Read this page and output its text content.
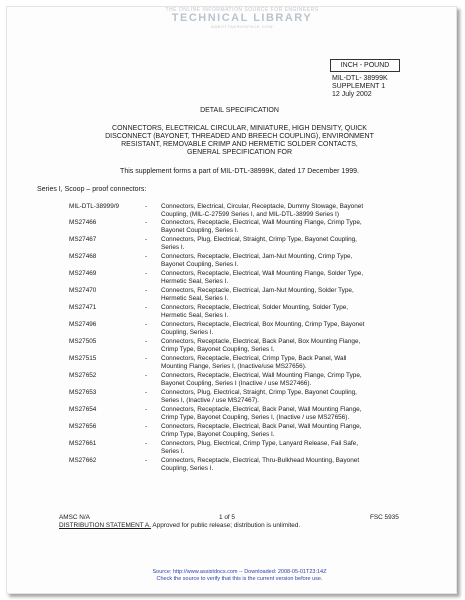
THE ONLINE INFORMATION SOURCE FOR ENGINEERS
TECHNICAL LIBRARY
ABBOTTAEROSPACE.COM
INCH - POUND
MIL-DTL- 38999K
SUPPLEMENT 1
12 July 2002
DETAIL SPECIFICATION
CONNECTORS, ELECTRICAL CIRCULAR, MINIATURE, HIGH DENSITY, QUICK
DISCONNECT (BAYONET, THREADED AND BREECH COUPLING), ENVIRONMENT
RESISTANT, REMOVABLE CRIMP AND HERMETIC SOLDER CONTACTS,
GENERAL SPECIFICATION FOR
This supplement forms a part of MIL-DTL-38999K, dated 17 December 1999.
Series I, Scoop – proof connectors:
MIL-DTL-38999/9	- Connectors, Electrical, Circular, Receptacle, Dummy Stowage, Bayonet
Coupling, (MIL-C-27599 Series I, and MIL-DTL-38999 Series I)
MS27466	- Connectors, Receptacle, Electrical, Wall Mounting Flange, Crimp Type,
Bayonet Coupling, Series I.
MS27467	- Connectors, Plug, Electrical, Straight, Crimp Type, Bayonet Coupling,
Series I.
MS27468	- Connectors, Receptacle, Electrical, Jam-Nut Mounting, Crimp Type,
Bayonet Coupling, Series I.
MS27469	- Connectors, Receptacle, Electrical, Wall Mounting Flange, Solder Type,
Hermetic Seal, Series I.
MS27470	- Connectors, Receptacle, Electrical, Jam-Nut Mounting, Solder Type,
Hermetic Seal, Series I.
MS27471	- Connectors, Receptacle, Electrical, Solder Mounting, Solder Type,
Hermetic Seal, Series I.
MS27496	- Connectors, Receptacle, Electrical, Box Mounting, Crimp Type, Bayonet
Coupling, Series I.
MS27505	- Connectors, Receptacle, Electrical, Back Panel, Box Mounting Flange,
Crimp Type, Bayonet Coupling, Series I.
MS27515	- Connectors, Receptacle, Electrical, Crimp Type, Back Panel, Wall
Mounting Flange, Series I, (Inactive/use MS27656).
MS27652	- Connectors, Receptacle, Electrical, Wall Mounting Flange, Crimp Type,
Bayonet Coupling, Series I (Inactive / use MS27466).
MS27653	- Connectors, Plug, Electrical, Straight, Crimp Type, Bayonet Coupling,
Series I, (Inactive / use MS27467).
MS27654	- Connectors, Receptacle, Electrical, Back Panel, Wall Mounting Flange,
Crimp Type, Bayonet Coupling, Series I, (Inactive / use MS27656).
MS27656	- Connectors, Receptacle, Electrical, Back Panel, Wall Mounting Flange,
Crimp Type, Bayonet Coupling, Series I.
MS27661	- Connectors, Plug, Electrical, Crimp Type, Lanyard Release, Fail Safe,
Series I.
MS27662	- Connectors, Receptacle, Electrical, Thru-Bulkhead Mounting, Bayonet
Coupling, Series I.
AMSC N/A	1 of 5	FSC 5935
DISTRIBUTION STATEMENT A. Approved for public release; distribution is unlimited.
Source: http://www.assistdocs.com -- Downloaded: 2008-05-01T23:14Z
Check the source to verify that this is the current version before use.
